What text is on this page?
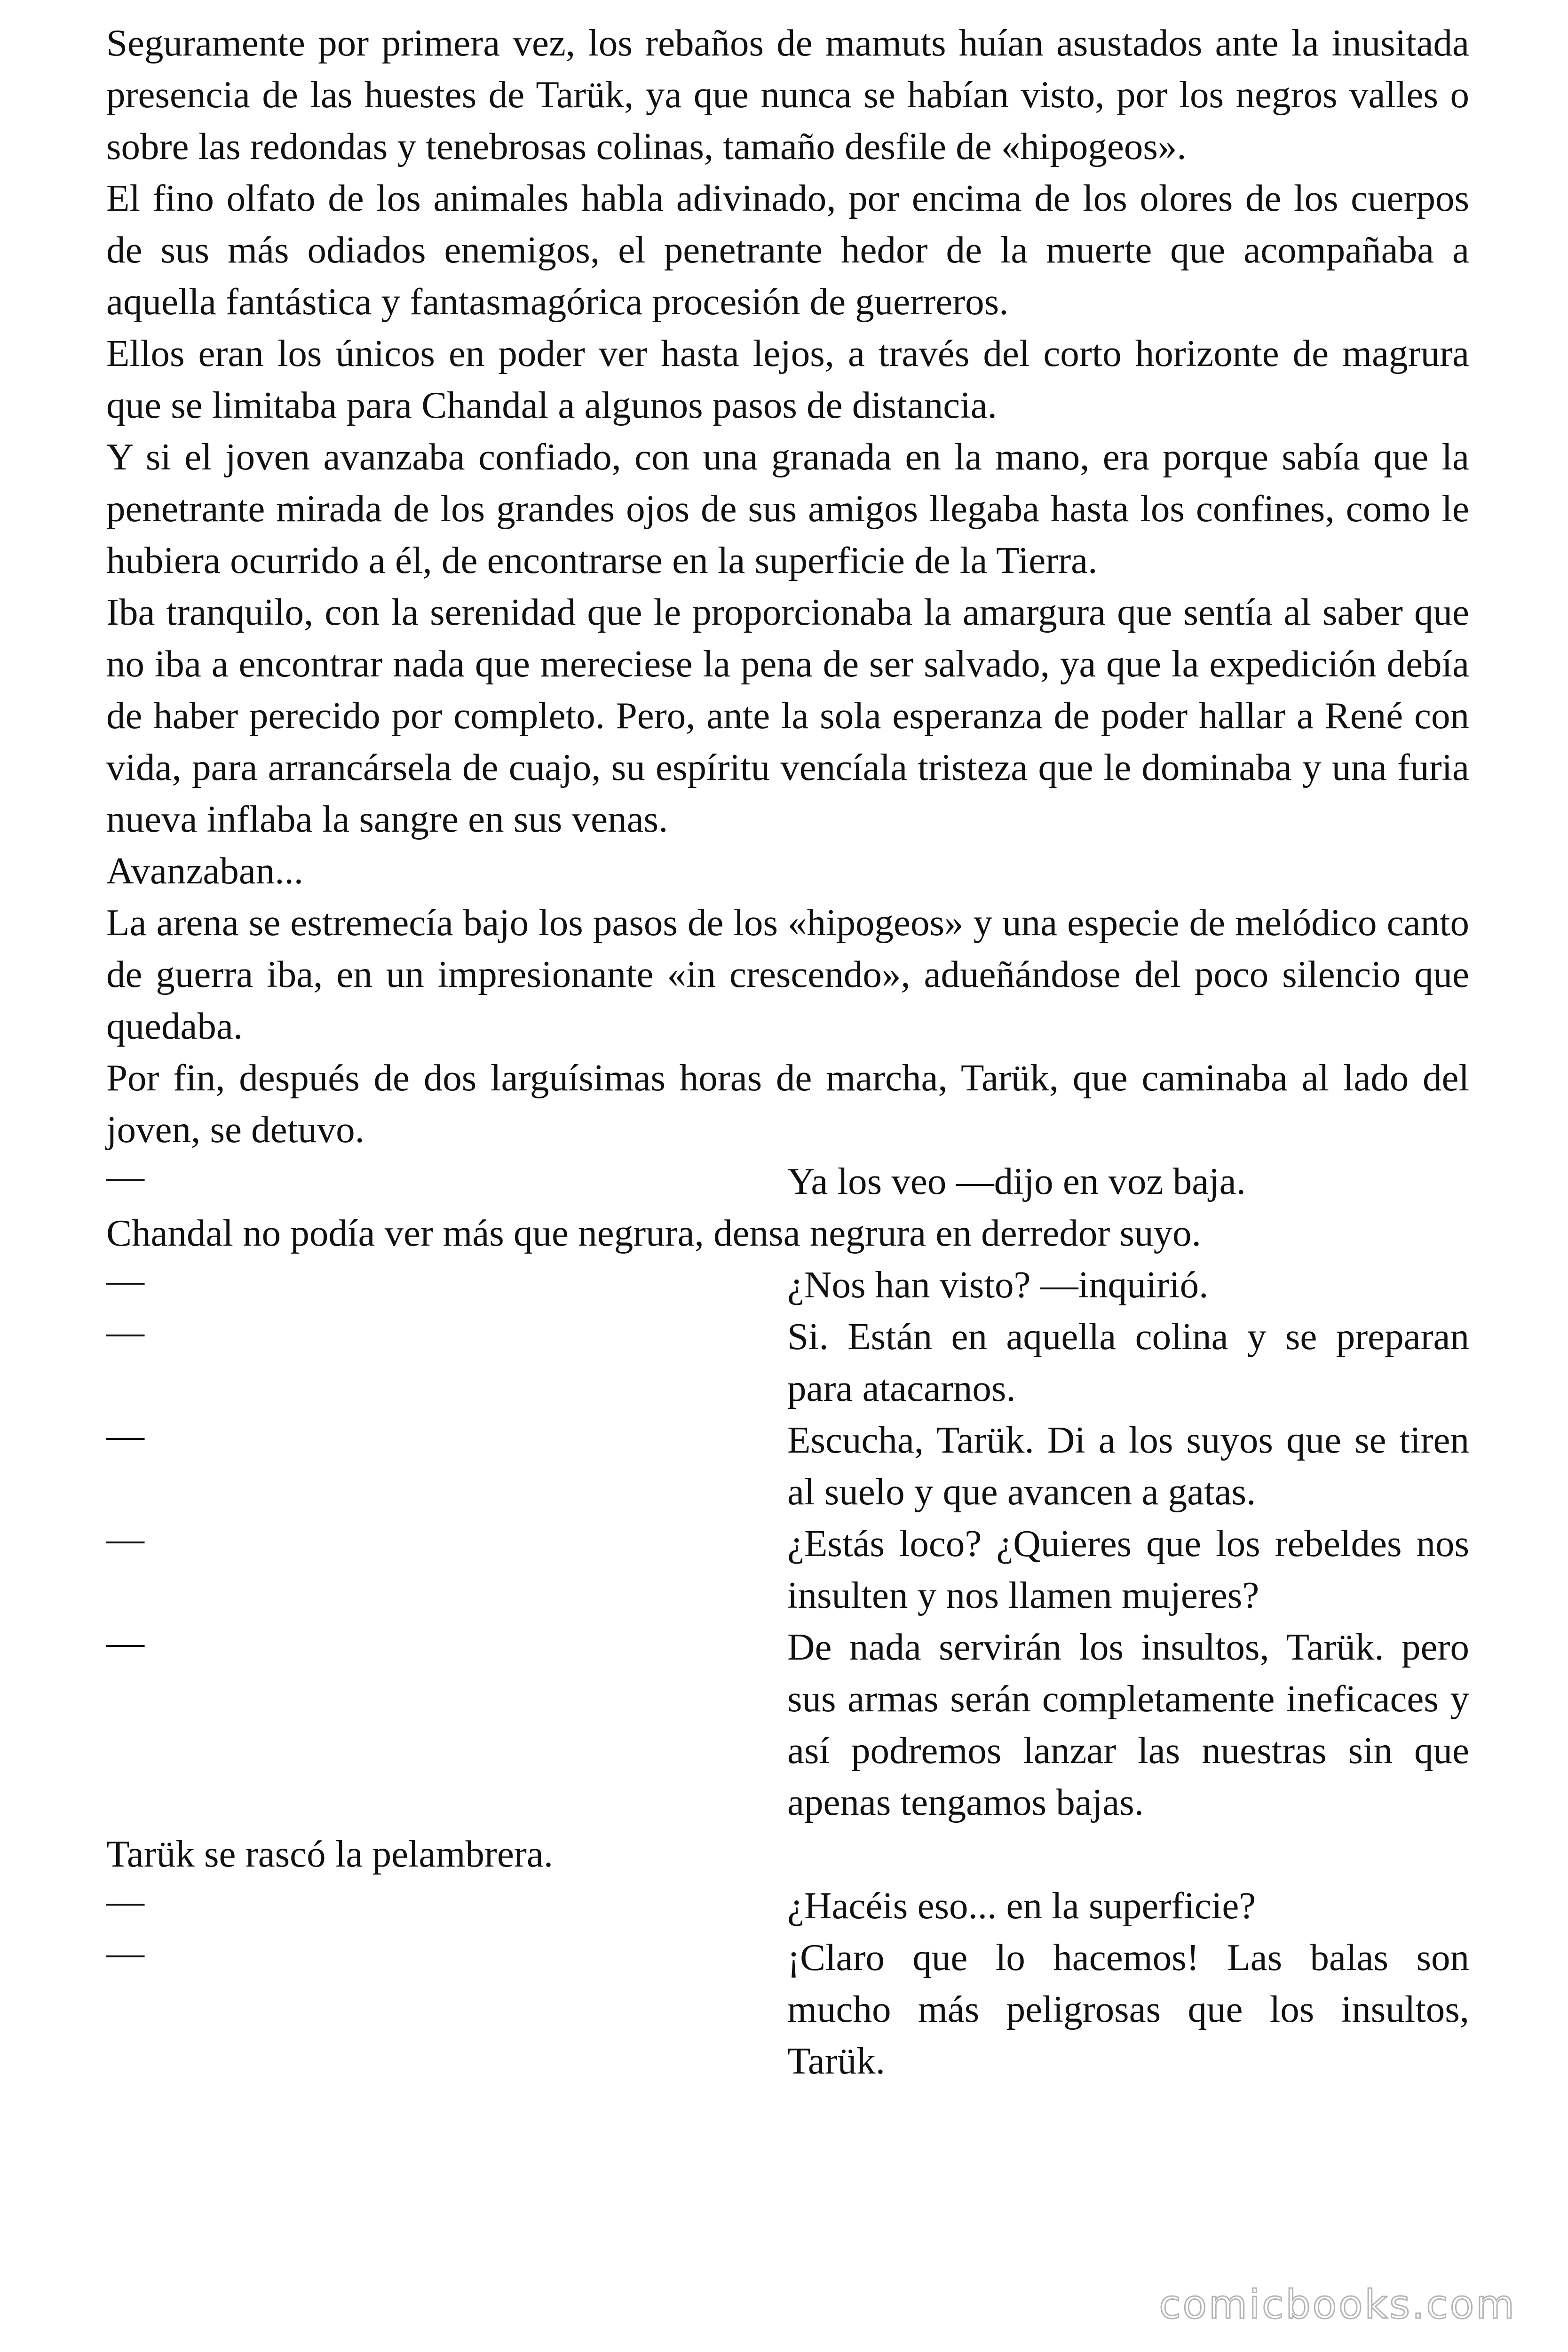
Seguramente por primera vez, los rebaños de mamuts huían asustados ante la inusitada presencia de las huestes de Tarük, ya que nunca se habían visto, por los negros valles o sobre las redondas y tenebrosas colinas, tamaño desfile de «hipogeos».

El fino olfato de los animales habla adivinado, por encima de los olores de los cuerpos de sus más odiados enemigos, el penetrante hedor de la muerte que acompañaba a aquella fantástica y fantasmagórica procesión de guerreros.

Ellos eran los únicos en poder ver hasta lejos, a través del corto horizonte de magrura que se limitaba para Chandal a algunos pasos de distancia.

Y si el joven avanzaba confiado, con una granada en la mano, era porque sabía que la penetrante mirada de los grandes ojos de sus amigos llegaba hasta los confines, como le hubiera ocurrido a él, de encontrarse en la superficie de la Tierra.

Iba tranquilo, con la serenidad que le proporcionaba la amargura que sentía al saber que no iba a encontrar nada que mereciese la pena de ser salvado, ya que la expedición debía de haber perecido por completo. Pero, ante la sola esperanza de poder hallar a René con vida, para arrancársela de cuajo, su espíritu vencíala tristeza que le dominaba y una furia nueva inflaba la sangre en sus venas.

Avanzaban...

La arena se estremecía bajo los pasos de los «hipogeos» y una especie de melódico canto de guerra iba, en un impresionante «in crescendo», adueñándose del poco silencio que quedaba.

Por fin, después de dos larguísimas horas de marcha, Tarük, que caminaba al lado del joven, se detuvo.

—	Ya los veo —dijo en voz baja.

Chandal no podía ver más que negrura, densa negrura en derredor suyo.

—	¿Nos han visto? —inquirió.
—	Si. Están en aquella colina y se preparan para atacarnos.
—	Escucha, Tarük. Di a los suyos que se tiren al suelo y que avancen a gatas.
—	¿Estás loco? ¿Quieres que los rebeldes nos insulten y nos llamen mujeres?
—	De nada servirán los insultos, Tarük. pero sus armas serán completamente ineficaces y así podremos lanzar las nuestras sin que apenas tengamos bajas.

Tarük se rascó la pelambrera.

—	¿Hacéis eso... en la superficie?
—	¡Claro que lo hacemos! Las balas son mucho más peligrosas que los insultos, Tarük.
comicbooks.com
